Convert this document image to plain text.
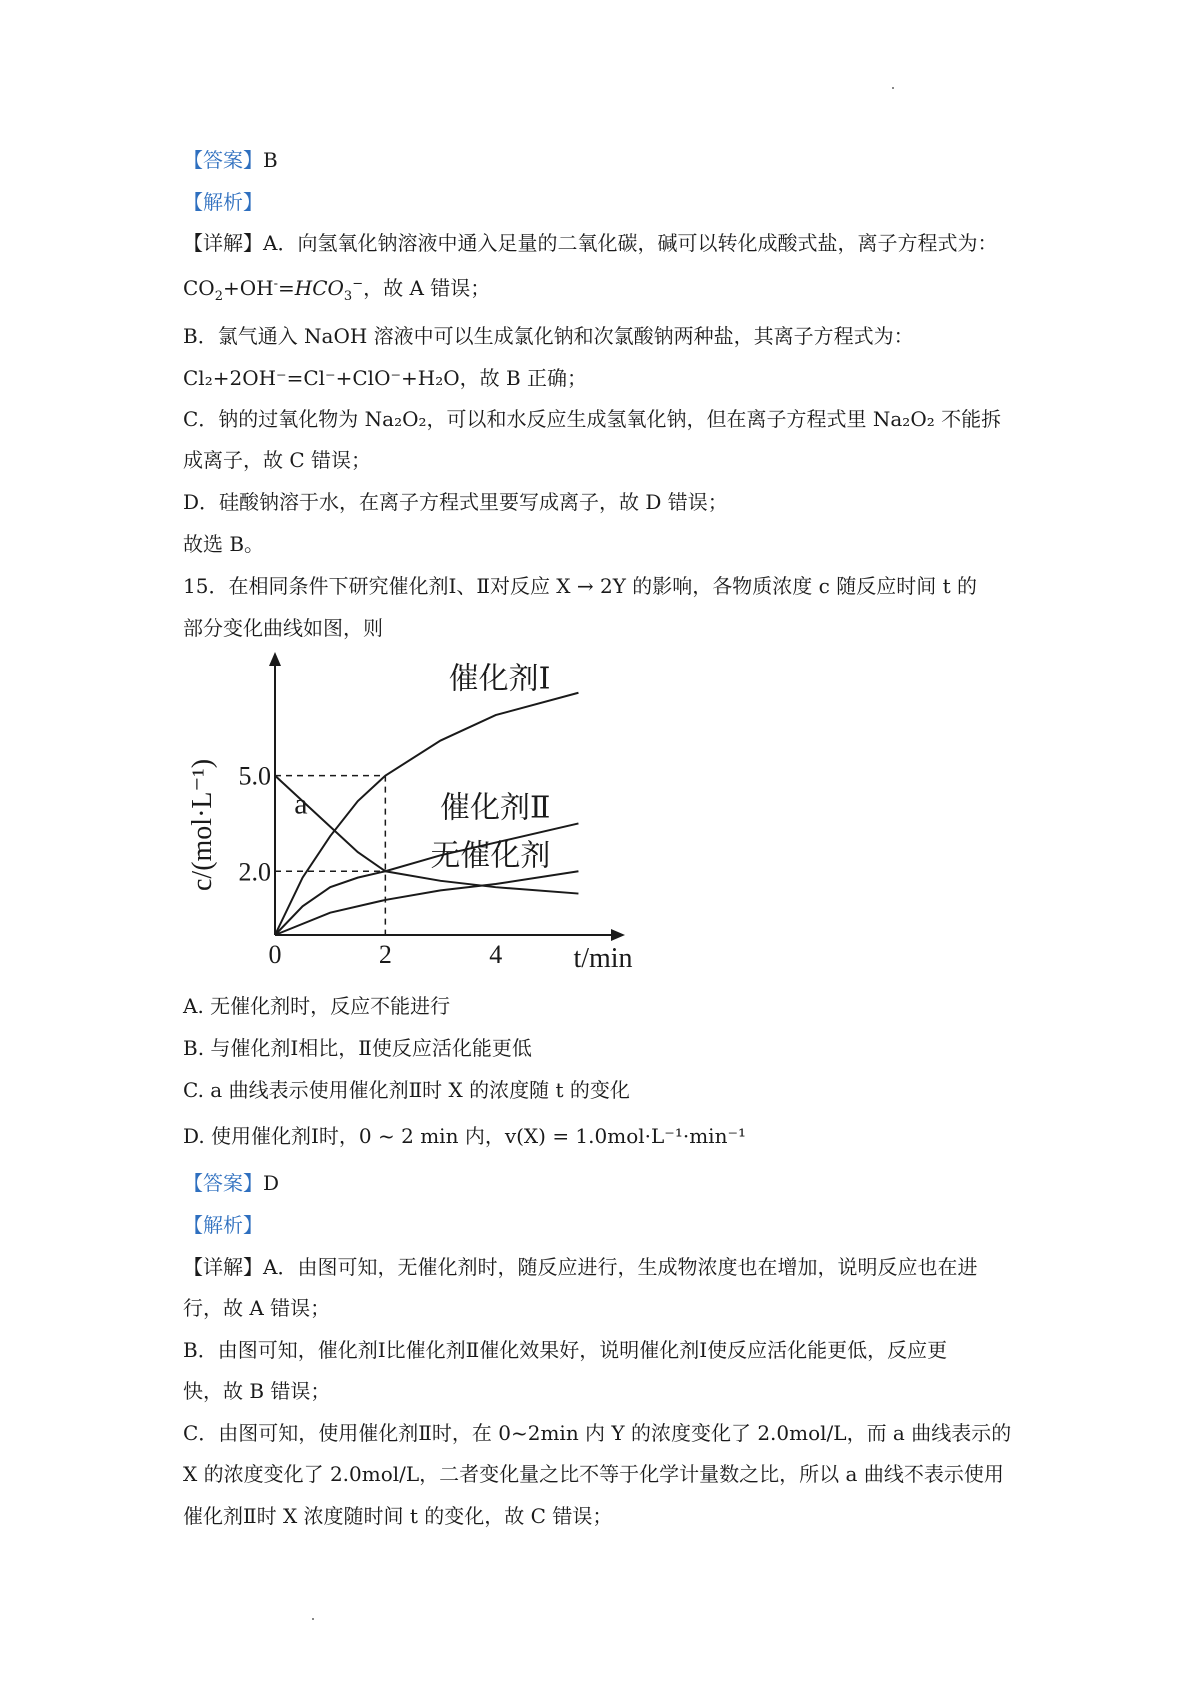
【答案】B
【解析】
【详解】A．向氢氧化钠溶液中通入足量的二氧化碳，碱可以转化成酸式盐，离子方程式为：
$CO_2+OH^-=HCO_3^-$，故 A 错误；
B．氯气通入 NaOH 溶液中可以生成氯化钠和次氯酸钠两种盐，其离子方程式为：
Cl₂+2OH⁻=Cl⁻+ClO⁻+H₂O，故 B 正确；
C．钠的过氧化物为 Na₂O₂，可以和水反应生成氢氧化钠，但在离子方程式里 Na₂O₂ 不能拆
成离子，故 C 错误；
D．硅酸钠溶于水，在离子方程式里要写成离子，故 D 错误；
故选 B。
15．在相同条件下研究催化剂Ⅰ、Ⅱ对反应 X → 2Y 的影响，各物质浓度 c 随反应时间 t 的
部分变化曲线如图，则
t/min
c/(mol·L⁻¹)
0	2	4
5.0
2.0
催化剂Ⅰ
催化剂Ⅱ
无催化剂
a
A. 无催化剂时，反应不能进行
B. 与催化剂Ⅰ相比，Ⅱ使反应活化能更低
C. a 曲线表示使用催化剂Ⅱ时 X 的浓度随 t 的变化
D. 使用催化剂Ⅰ时，0 ~ 2 min 内，v(X) = 1.0mol·L⁻¹·min⁻¹
【答案】D
【解析】
【详解】A．由图可知，无催化剂时，随反应进行，生成物浓度也在增加，说明反应也在进
行，故 A 错误；
B．由图可知，催化剂Ⅰ比催化剂Ⅱ催化效果好，说明催化剂Ⅰ使反应活化能更低，反应更
快，故 B 错误；
C．由图可知，使用催化剂Ⅱ时，在 0~2min 内 Y 的浓度变化了 2.0mol/L，而 a 曲线表示的
X 的浓度变化了 2.0mol/L，二者变化量之比不等于化学计量数之比，所以 a 曲线不表示使用
催化剂Ⅱ时 X 浓度随时间 t 的变化，故 C 错误；
